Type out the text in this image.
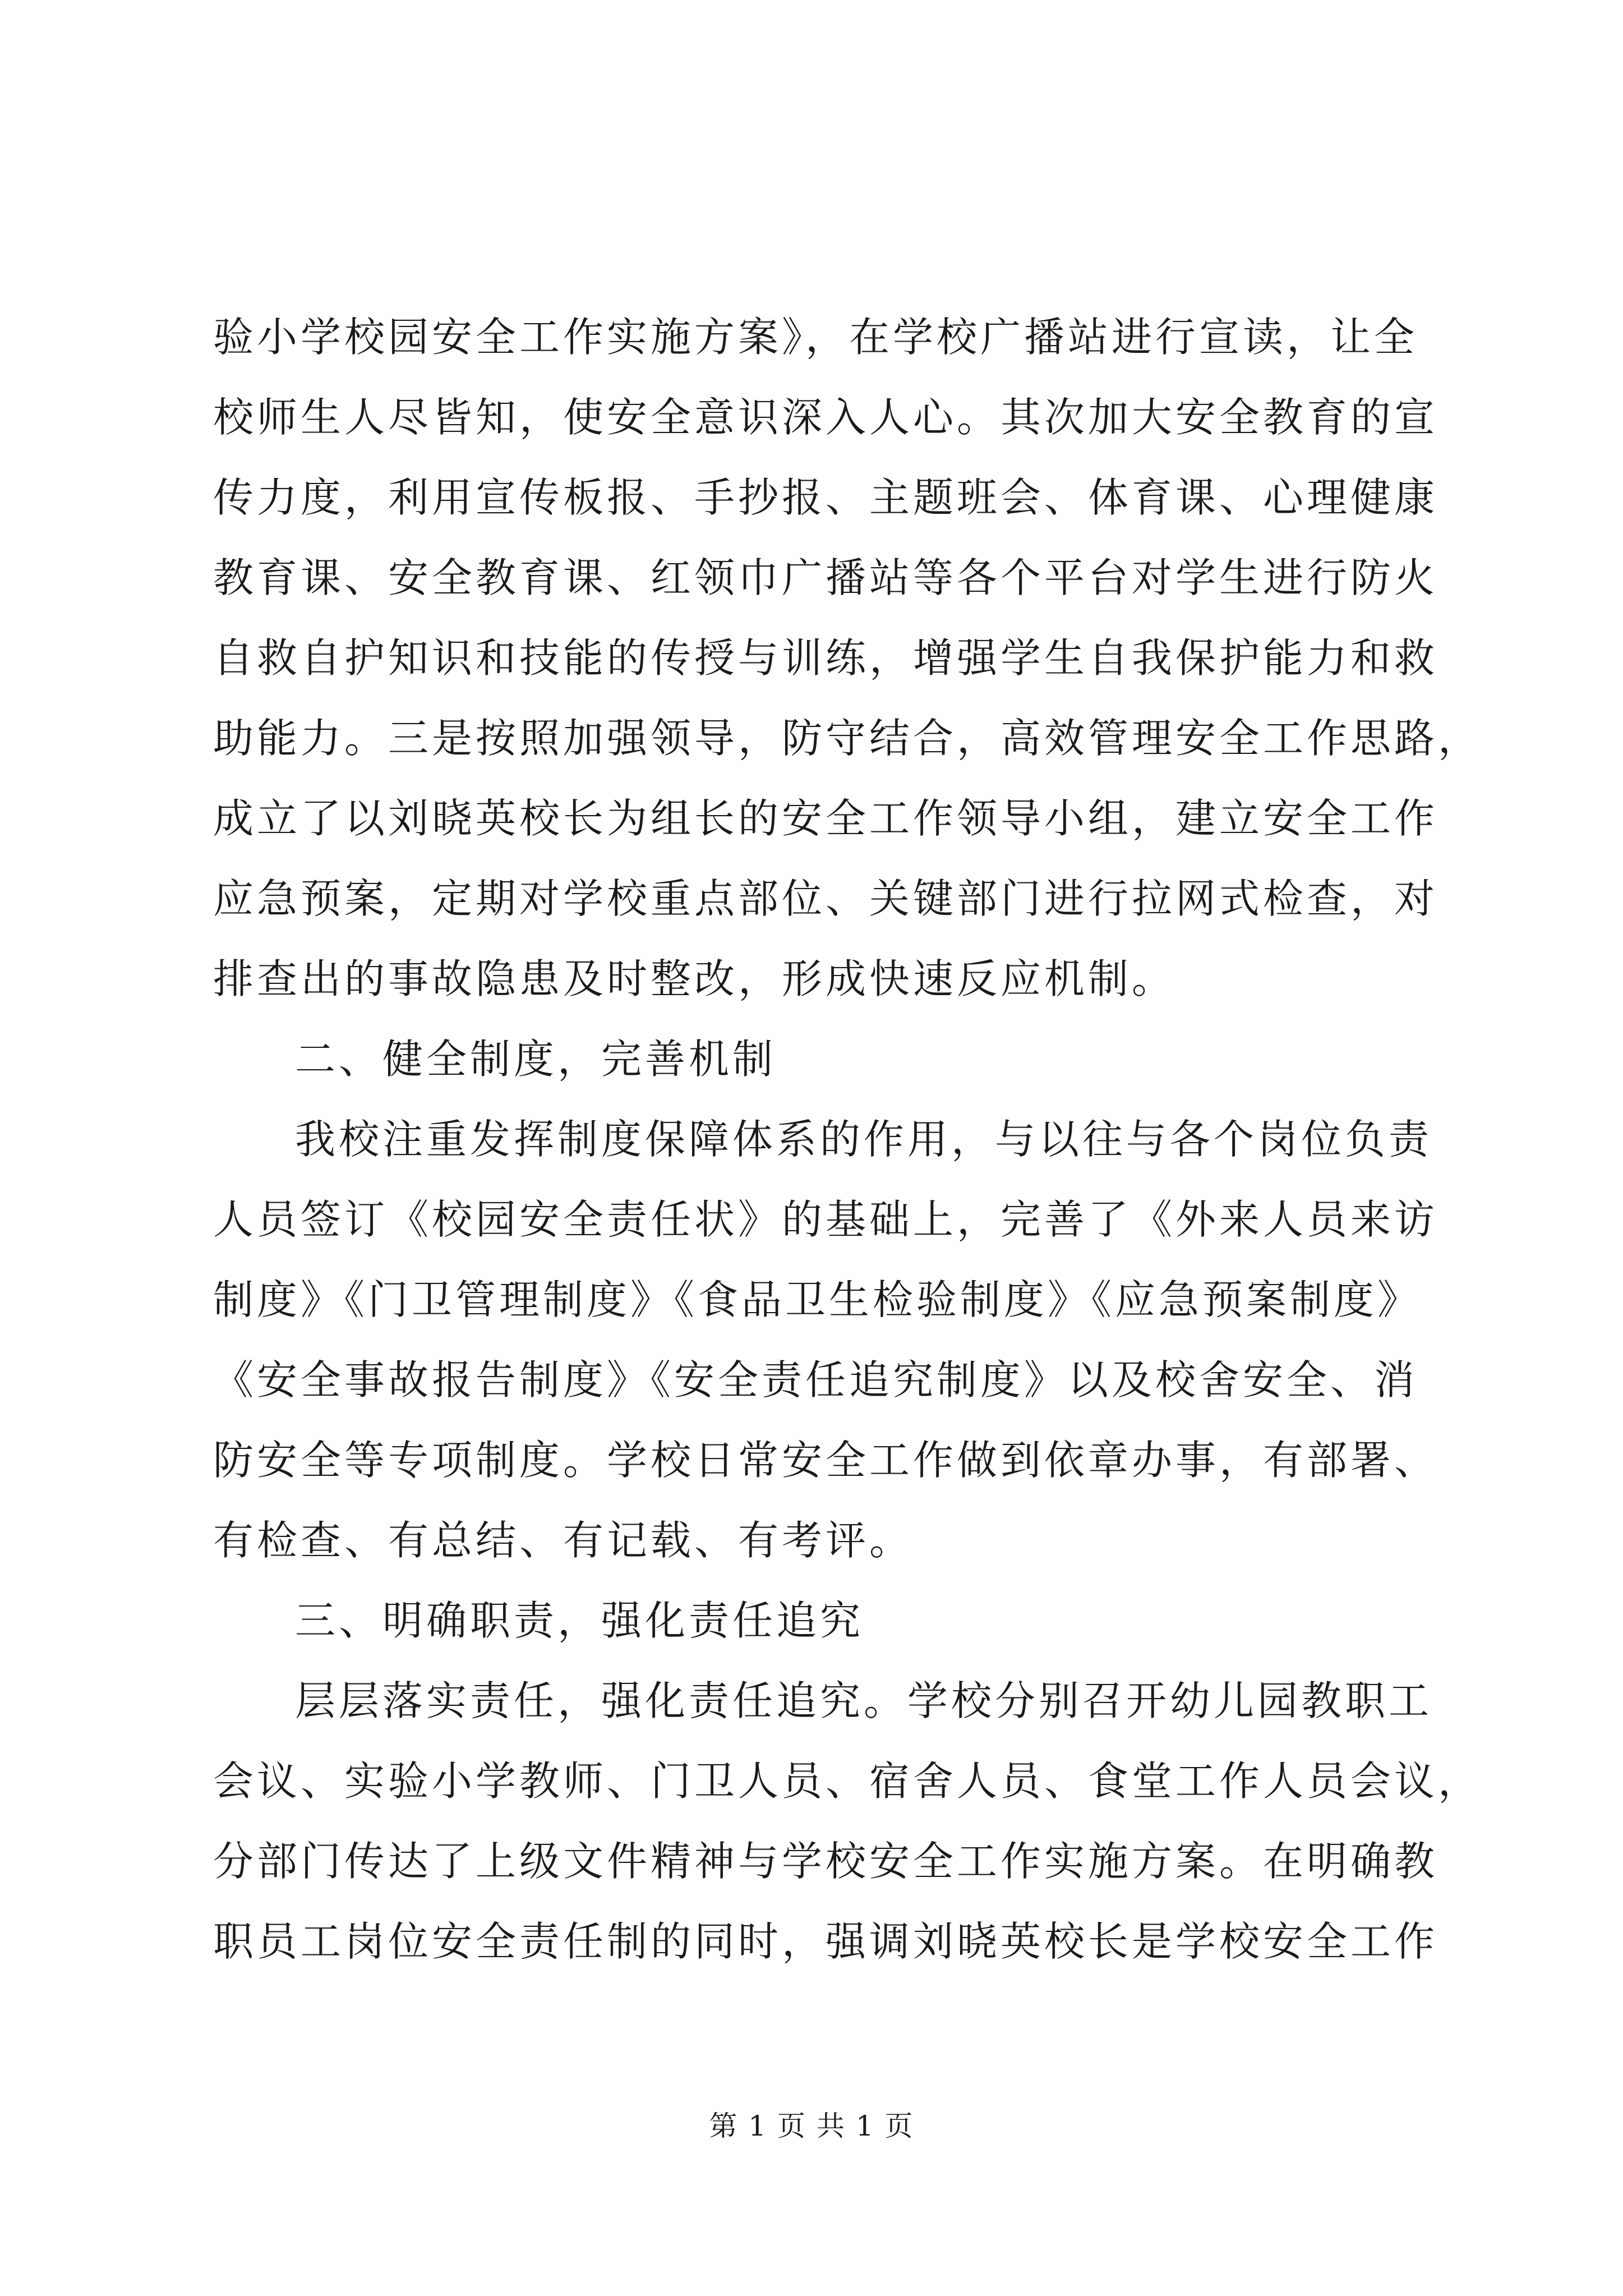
验小学校园安全工作实施方案》，在学校广播站进行宣读，让全
校师生人尽皆知，使安全意识深入人心。其次加大安全教育的宣
传力度，利用宣传板报、手抄报、主题班会、体育课、心理健康
教育课、安全教育课、红领巾广播站等各个平台对学生进行防火
自救自护知识和技能的传授与训练，增强学生自我保护能力和救
助能力。三是按照加强领导，防守结合，高效管理安全工作思路，
成立了以刘晓英校长为组长的安全工作领导小组，建立安全工作
应急预案，定期对学校重点部位、关键部门进行拉网式检查，对
排查出的事故隐患及时整改，形成快速反应机制。
二、健全制度，完善机制
我校注重发挥制度保障体系的作用，与以往与各个岗位负责
人员签订《校园安全责任状》的基础上，完善了《外来人员来访
制度》《门卫管理制度》《食品卫生检验制度》《应急预案制度》
《安全事故报告制度》《安全责任追究制度》以及校舍安全、消
防安全等专项制度。学校日常安全工作做到依章办事，有部署、
有检查、有总结、有记载、有考评。
三、明确职责，强化责任追究
层层落实责任，强化责任追究。学校分别召开幼儿园教职工
会议、实验小学教师、门卫人员、宿舍人员、食堂工作人员会议，
分部门传达了上级文件精神与学校安全工作实施方案。在明确教
职员工岗位安全责任制的同时，强调刘晓英校长是学校安全工作
第 1 页 共 1 页
